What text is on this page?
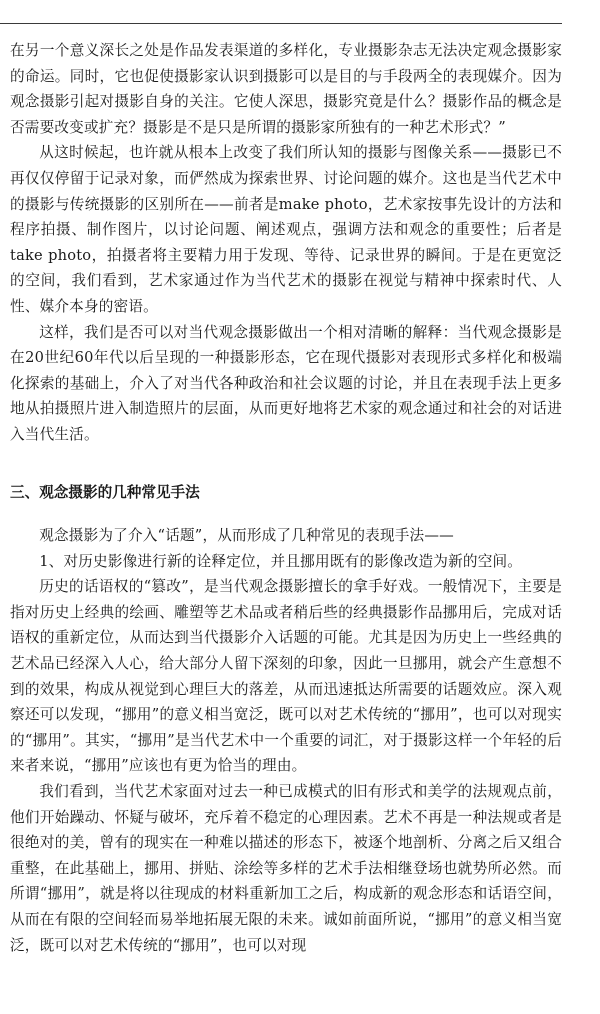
在另一个意义深长之处是作品发表渠道的多样化，专业摄影杂志无法决定观念摄影家的命运。同时，它也促使摄影家认识到摄影可以是目的与手段两全的表现媒介。因为观念摄影引起对摄影自身的关注。它使人深思，摄影究竟是什么？摄影作品的概念是否需要改变或扩充？摄影是不是只是所谓的摄影家所独有的一种艺术形式？”

从这时候起，也许就从根本上改变了我们所认知的摄影与图像关系——摄影已不再仅仅停留于记录对象，而俨然成为探索世界、讨论问题的媒介。这也是当代艺术中的摄影与传统摄影的区别所在——前者是make photo，艺术家按事先设计的方法和程序拍摄、制作图片，以讨论问题、阐述观点，强调方法和观念的重要性；后者是take photo，拍摄者将主要精力用于发现、等待、记录世界的瞬间。于是在更宽泛的空间，我们看到，艺术家通过作为当代艺术的摄影在视觉与精神中探索时代、人性、媒介本身的密语。

这样，我们是否可以对当代观念摄影做出一个相对清晰的解释：当代观念摄影是在20世纪60年代以后呈现的一种摄影形态，它在现代摄影对表现形式多样化和极端化探索的基础上，介入了对当代各种政治和社会议题的讨论，并且在表现手法上更多地从拍摄照片进入制造照片的层面，从而更好地将艺术家的观念通过和社会的对话进入当代生活。

三、观念摄影的几种常见手法

观念摄影为了介入“话题”，从而形成了几种常见的表现手法——

1、对历史影像进行新的诠释定位，并且挪用既有的影像改造为新的空间。

历史的话语权的“篡改”，是当代观念摄影擅长的拿手好戏。一般情况下，主要是指对历史上经典的绘画、雕塑等艺术品或者稍后些的经典摄影作品挪用后，完成对话语权的重新定位，从而达到当代摄影介入话题的可能。尤其是因为历史上一些经典的艺术品已经深入人心，给大部分人留下深刻的印象，因此一旦挪用，就会产生意想不到的效果，构成从视觉到心理巨大的落差，从而迅速抵达所需要的话题效应。深入观察还可以发现，“挪用”的意义相当宽泛，既可以对艺术传统的“挪用”，也可以对现实的“挪用”。其实，“挪用”是当代艺术中一个重要的词汇，对于摄影这样一个年轻的后来者来说，“挪用”应该也有更为恰当的理由。

我们看到，当代艺术家面对过去一种已成模式的旧有形式和美学的法规观点前，他们开始躁动、怀疑与破坏，充斥着不稳定的心理因素。艺术不再是一种法规或者是很绝对的美，曾有的现实在一种难以描述的形态下，被逐个地剖析、分离之后又组合重整，在此基础上，挪用、拼贴、涂绘等多样的艺术手法相继登场也就势所必然。而所谓“挪用”，就是将以往现成的材料重新加工之后，构成新的观念形态和话语空间，从而在有限的空间轻而易举地拓展无限的未来。诚如前面所说，“挪用”的意义相当宽泛，既可以对艺术传统的“挪用”，也可以对现
